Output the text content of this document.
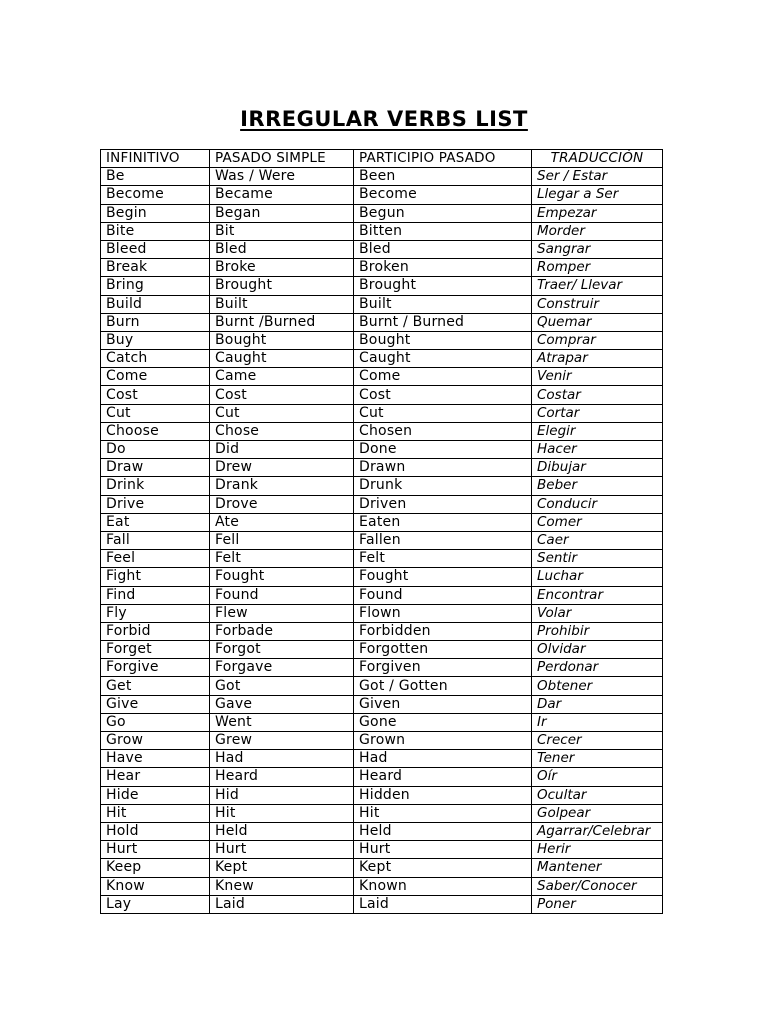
IRREGULAR VERBS LIST
INFINITIVO	PASADO SIMPLE	PARTICIPIO PASADO	TRADUCCIÓN
Be	Was / Were	Been	Ser / Estar
Become	Became	Become	Llegar a Ser
Begin	Began	Begun	Empezar
Bite	Bit	Bitten	Morder
Bleed	Bled	Bled	Sangrar
Break	Broke	Broken	Romper
Bring	Brought	Brought	Traer/ Llevar
Build	Built	Built	Construir
Burn	Burnt /Burned	Burnt / Burned	Quemar
Buy	Bought	Bought	Comprar
Catch	Caught	Caught	Atrapar
Come	Came	Come	Venir
Cost	Cost	Cost	Costar
Cut	Cut	Cut	Cortar
Choose	Chose	Chosen	Elegir
Do	Did	Done	Hacer
Draw	Drew	Drawn	Dibujar
Drink	Drank	Drunk	Beber
Drive	Drove	Driven	Conducir
Eat	Ate	Eaten	Comer
Fall	Fell	Fallen	Caer
Feel	Felt	Felt	Sentir
Fight	Fought	Fought	Luchar
Find	Found	Found	Encontrar
Fly	Flew	Flown	Volar
Forbid	Forbade	Forbidden	Prohibir
Forget	Forgot	Forgotten	Olvidar
Forgive	Forgave	Forgiven	Perdonar
Get	Got	Got / Gotten	Obtener
Give	Gave	Given	Dar
Go	Went	Gone	Ir
Grow	Grew	Grown	Crecer
Have	Had	Had	Tener
Hear	Heard	Heard	Oír
Hide	Hid	Hidden	Ocultar
Hit	Hit	Hit	Golpear
Hold	Held	Held	Agarrar/Celebrar
Hurt	Hurt	Hurt	Herir
Keep	Kept	Kept	Mantener
Know	Knew	Known	Saber/Conocer
Lay	Laid	Laid	Poner
